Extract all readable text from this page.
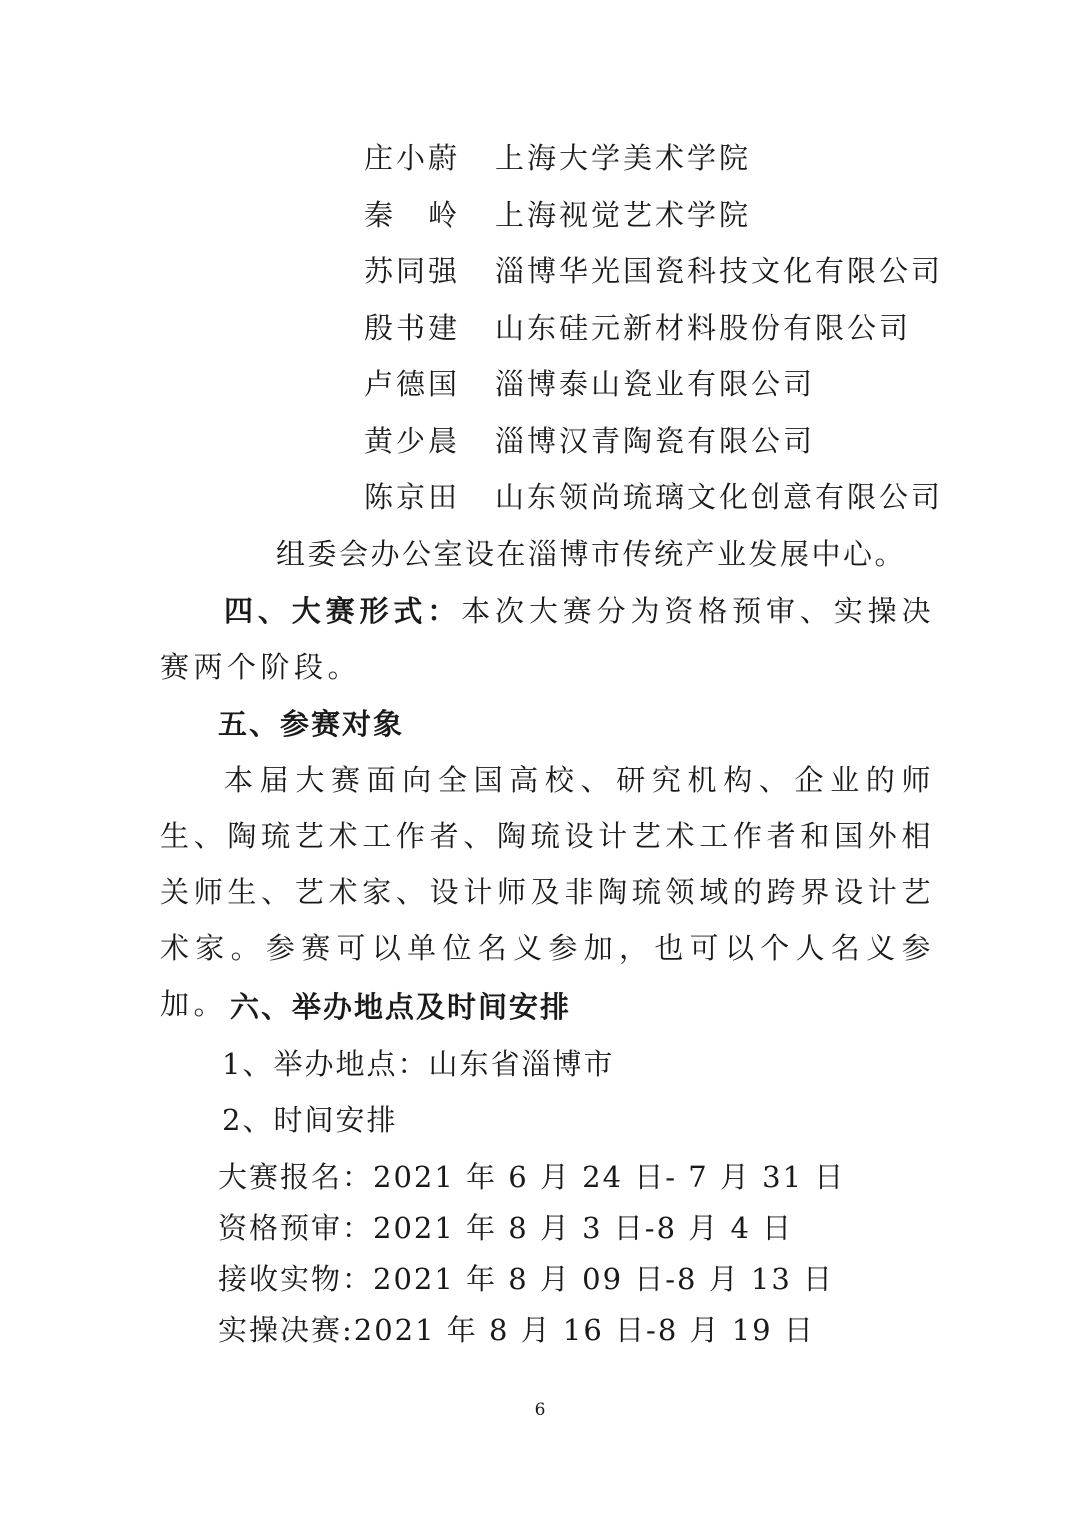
庄小蔚 上海大学美术学院
秦　岭 上海视觉艺术学院
苏同强 淄博华光国瓷科技文化有限公司
殷书建 山东硅元新材料股份有限公司
卢德国 淄博泰山瓷业有限公司
黄少晨 淄博汉青陶瓷有限公司
陈京田 山东领尚琉璃文化创意有限公司
组委会办公室设在淄博市传统产业发展中心。
四、大赛形式：本次大赛分为资格预审、实操决赛两个阶段。
五、参赛对象
本届大赛面向全国高校、研究机构、企业的师生、陶琉艺术工作者、陶琉设计艺术工作者和国外相关师生、艺术家、设计师及非陶琉领域的跨界设计艺术家。参赛可以单位名义参加，也可以个人名义参加。 六、举办地点及时间安排
1、举办地点：山东省淄博市
2、时间安排
大赛报名：2021 年 6 月 24 日- 7 月 31 日
资格预审：2021 年 8 月 3 日-8 月 4 日
接收实物：2021 年 8 月 09 日-8 月 13 日
实操决赛:2021 年 8 月 16 日-8 月 19 日
6
